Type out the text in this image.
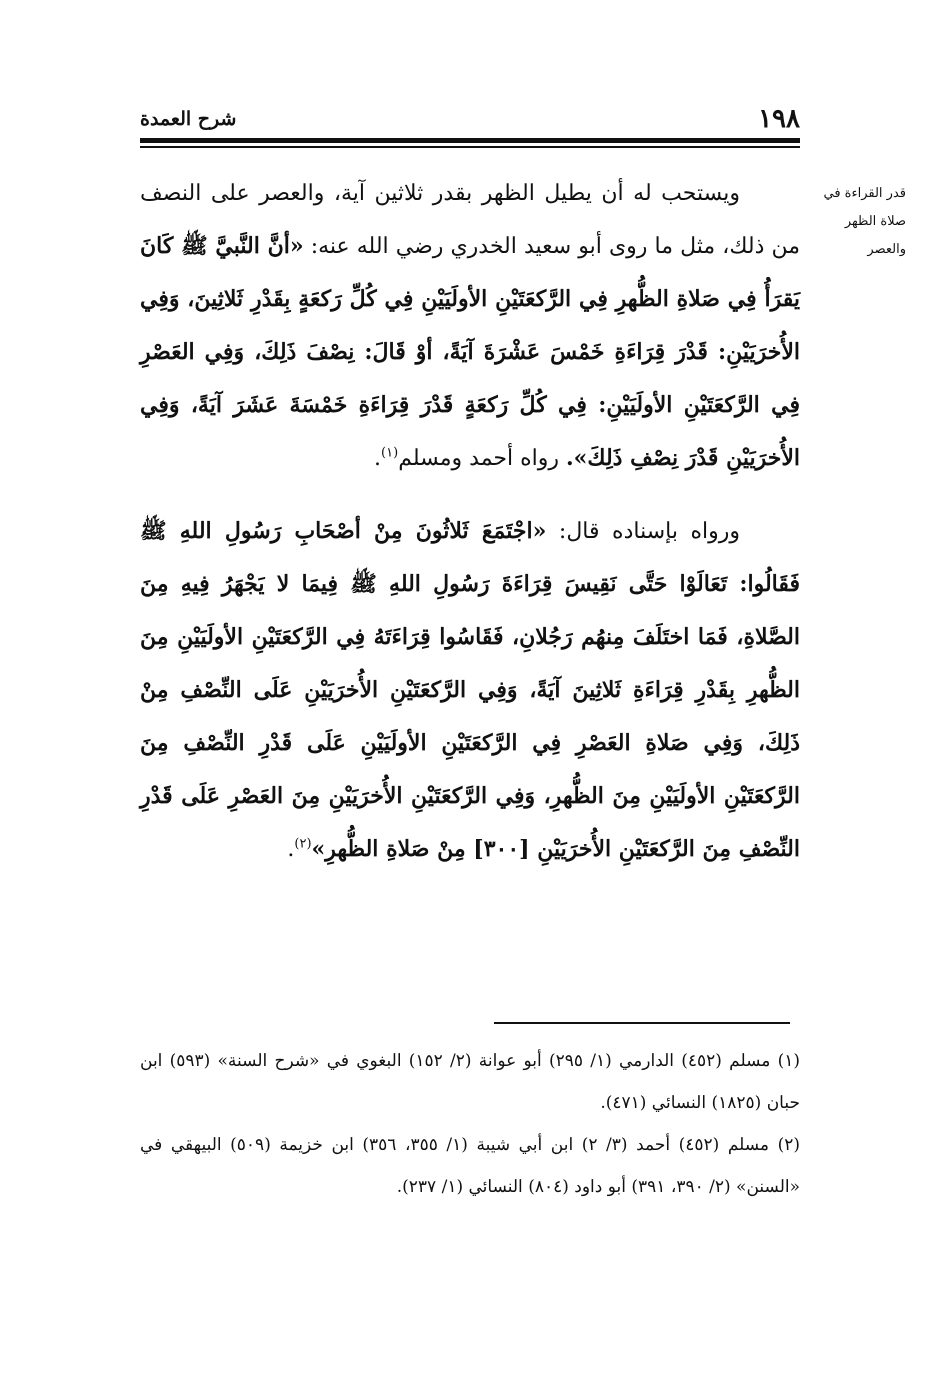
١٩٨
شرح العمدة
قدر القراءة في
صلاة الظهر
والعصر

ويستحب له أن يطيل الظهر بقدر ثلاثين آية، والعصر على النصف من ذلك، مثل ما روى أبو سعيد الخدري رضي الله عنه: «أنَّ النَّبيَّ ﷺ كَانَ يَقرَأُ فِي صَلاةِ الظُّهرِ فِي الرَّكعَتَيْنِ الأولَيَيْنِ فِي كُلِّ رَكعَةٍ بِقَدْرِ ثَلاثِينَ، وَفِي الأُخرَيَيْنِ: قَدْرَ قِرَاءَةِ خَمْسَ عَشْرَةَ آيَةً، أوْ قَالَ: نِصْفَ ذَلِكَ، وَفِي العَصْرِ فِي الرَّكعَتَيْنِ الأولَيَيْنِ: فِي كُلِّ رَكعَةٍ قَدْرَ قِرَاءَةِ خَمْسَةَ عَشَرَ آيَةً، وَفِي الأُخرَيَيْنِ قَدْرَ نِصْفِ ذَلِكَ». رواه أحمد ومسلم$^{(١)}$.

ورواه بإسناده قال: «اجْتَمَعَ ثَلاثُونَ مِنْ أصْحَابِ رَسُولِ اللهِ ﷺ فَقَالُوا: تَعَالَوْا حَتَّى نَقِيسَ قِرَاءَةَ رَسُولِ اللهِ ﷺ فِيمَا لا يَجْهَرُ فِيهِ مِنَ الصَّلاةِ، فَمَا اختَلَفَ مِنهُم رَجُلانِ، فَقَاسُوا قِرَاءَتَهُ فِي الرَّكعَتَيْنِ الأولَيَيْنِ مِنَ الظُّهرِ بِقَدْرِ قِرَاءَةِ ثَلاثِينَ آيَةً، وَفِي الرَّكعَتَيْنِ الأُخرَيَيْنِ عَلَى النِّصْفِ مِنْ ذَلِكَ، وَفِي صَلاةِ العَصْرِ فِي الرَّكعَتَيْنِ الأولَيَيْنِ عَلَى قَدْرِ النِّصْفِ مِنَ الرَّكعَتَيْنِ الأولَيَيْنِ مِنَ الظُّهرِ، وَفِي الرَّكعَتَيْنِ الأُخرَيَيْنِ مِنَ العَصْرِ عَلَى قَدْرِ النِّصْفِ مِنَ الرَّكعَتَيْنِ الأُخرَيَيْنِ [٣٠٠] مِنْ صَلاةِ الظُّهرِ»$^{(٢)}$.

(١) مسلم (٤٥٢) الدارمي (١/ ٢٩٥) أبو عوانة (٢/ ١٥٢) البغوي في «شرح السنة» (٥٩٣) ابن حبان (١٨٢٥) النسائي (٤٧١).

(٢) مسلم (٤٥٢) أحمد (٣/ ٢) ابن أبي شيبة (١/ ٣٥٥، ٣٥٦) ابن خزيمة (٥٠٩) البيهقي في «السنن» (٢/ ٣٩٠، ٣٩١) أبو داود (٨٠٤) النسائي (١/ ٢٣٧).
